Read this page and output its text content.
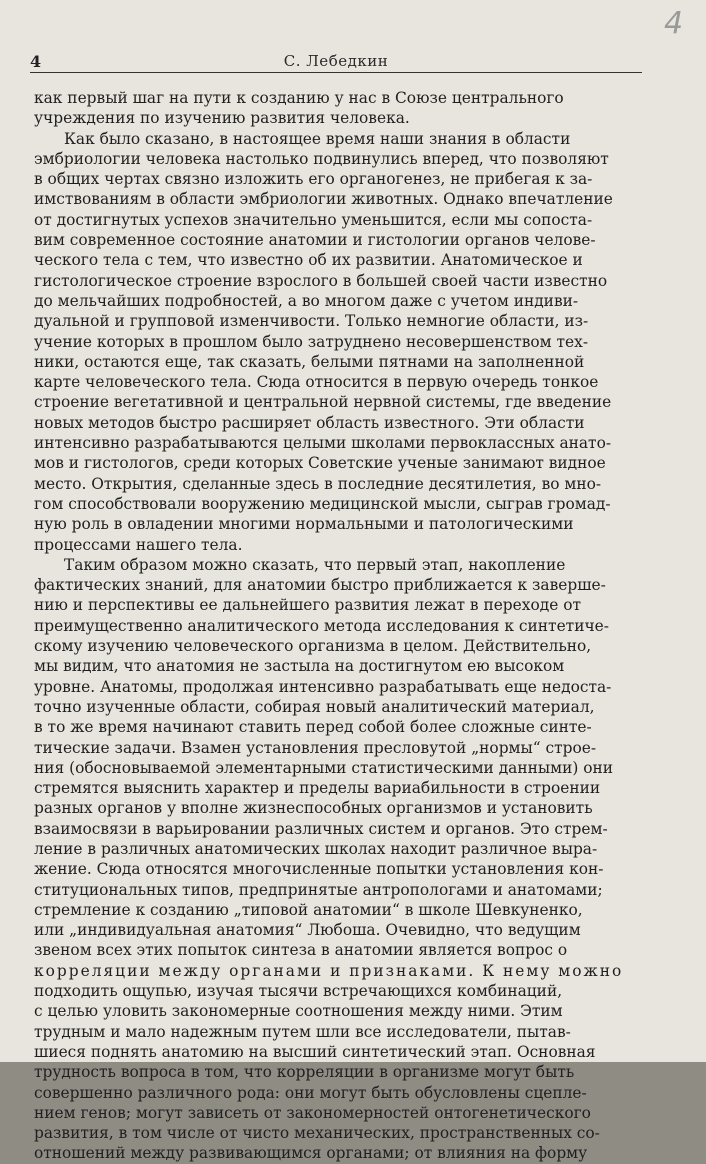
4
4	С. Лебедкин
как первый шаг на пути к созданию у нас в Союзе центрального
учреждения по изучению развития человека.
Как было сказано, в настоящее время наши знания в области
эмбриологии человека настолько подвинулись вперед, что позволяют
в общих чертах связно изложить его органогенез, не прибегая к за-
имствованиям в области эмбриологии животных. Однако впечатление
от достигнутых успехов значительно уменьшится, если мы сопоста-
вим современное состояние анатомии и гистологии органов челове-
ческого тела с тем, что известно об их развитии. Анатомическое и
гистологическое строение взрослого в большей своей части известно
до мельчайших подробностей, а во многом даже с учетом индиви-
дуальной и групповой изменчивости. Только немногие области, из-
учение которых в прошлом было затруднено несовершенством тех-
ники, остаются еще, так сказать, белыми пятнами на заполненной
карте человеческого тела. Сюда относится в первую очередь тонкое
строение вегетативной и центральной нервной системы, где введение
новых методов быстро расширяет область известного. Эти области
интенсивно разрабатываются целыми школами первоклассных анато-
мов и гистологов, среди которых Советские ученые занимают видное
место. Открытия, сделанные здесь в последние десятилетия, во мно-
гом способствовали вооружению медицинской мысли, сыграв громад-
ную роль в овладении многими нормальными и патологическими
процессами нашего тела.
Таким образом можно сказать, что первый этап, накопление
фактических знаний, для анатомии быстро приближается к заверше-
нию и перспективы ее дальнейшего развития лежат в переходе от
преимущественно аналитического метода исследования к синтетиче-
скому изучению человеческого организма в целом. Действительно,
мы видим, что анатомия не застыла на достигнутом ею высоком
уровне. Анатомы, продолжая интенсивно разрабатывать еще недоста-
точно изученные области, собирая новый аналитический материал,
в то же время начинают ставить перед собой более сложные синте-
тические задачи. Взамен установления пресловутой „нормы“ строе-
ния (обосновываемой элементарными статистическими данными) они
стремятся выяснить характер и пределы вариабильности в строении
разных органов у вполне жизнеспособных организмов и установить
взаимосвязи в варьировании различных систем и органов. Это стрем-
ление в различных анатомических школах находит различное выра-
жение. Сюда относятся многочисленные попытки установления кон-
ституциональных типов, предпринятые антропологами и анатомами;
стремление к созданию „типовой анатомии“ в школе Шевкуненко,
или „индивидуальная анатомия“ Любоша. Очевидно, что ведущим
звеном всех этих попыток синтеза в анатомии является вопрос о
корреляции между органами и признаками. К нему можно
подходить ощупью, изучая тысячи встречающихся комбинаций,
с целью уловить закономерные соотношения между ними. Этим
трудным и мало надежным путем шли все исследователи, пытав-
шиеся поднять анатомию на высший синтетический этап. Основная
трудность вопроса в том, что корреляции в организме могут быть
совершенно различного рода: они могут быть обусловлены сцепле-
нием генов; могут зависеть от закономерностей онтогенетического
развития, в том числе от чисто механических, пространственных со-
отношений между развивающимся органами; от влияния на форму
